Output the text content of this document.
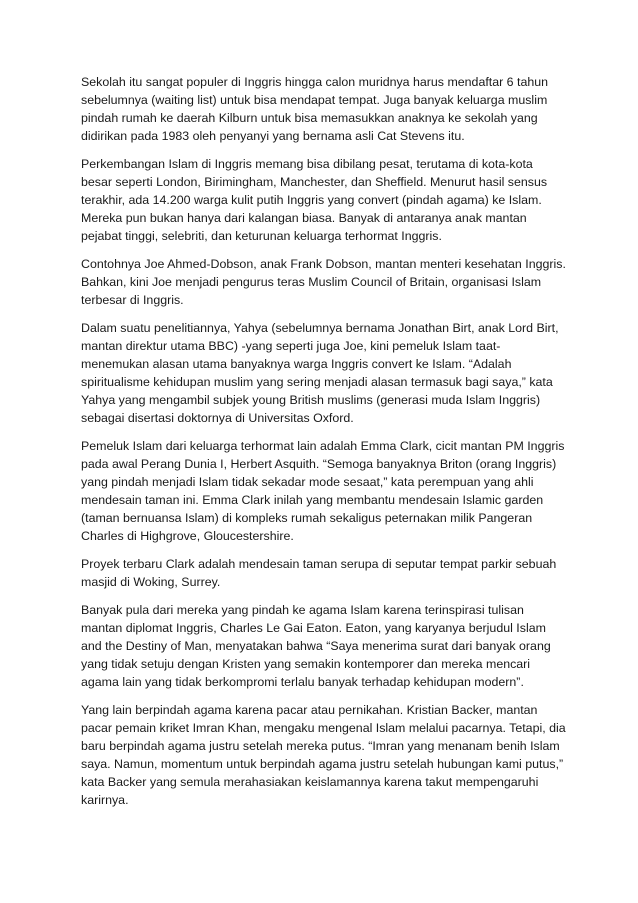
Sekolah itu sangat populer di Inggris hingga calon muridnya harus mendaftar 6 tahun sebelumnya (waiting list) untuk bisa mendapat tempat. Juga banyak keluarga muslim pindah rumah ke daerah Kilburn untuk bisa memasukkan anaknya ke sekolah yang didirikan pada 1983 oleh penyanyi yang bernama asli Cat Stevens itu.

Perkembangan Islam di Inggris memang bisa dibilang pesat, terutama di kota-kota besar seperti London, Birimingham, Manchester, dan Sheffield. Menurut hasil sensus terakhir, ada 14.200 warga kulit putih Inggris yang convert (pindah agama) ke Islam. Mereka pun bukan hanya dari kalangan biasa. Banyak di antaranya anak mantan pejabat tinggi, selebriti, dan keturunan keluarga terhormat Inggris.

Contohnya Joe Ahmed-Dobson, anak Frank Dobson, mantan menteri kesehatan Inggris. Bahkan, kini Joe menjadi pengurus teras Muslim Council of Britain, organisasi Islam terbesar di Inggris.

Dalam suatu penelitiannya, Yahya (sebelumnya bernama Jonathan Birt, anak Lord Birt, mantan direktur utama BBC) -yang seperti juga Joe, kini pemeluk Islam taat- menemukan alasan utama banyaknya warga Inggris convert ke Islam. “Adalah spiritualisme kehidupan muslim yang sering menjadi alasan termasuk bagi saya,” kata Yahya yang mengambil subjek young British muslims (generasi muda Islam Inggris) sebagai disertasi doktornya di Universitas Oxford.

Pemeluk Islam dari keluarga terhormat lain adalah Emma Clark, cicit mantan PM Inggris pada awal Perang Dunia I, Herbert Asquith. “Semoga banyaknya Briton (orang Inggris) yang pindah menjadi Islam tidak sekadar mode sesaat,” kata perempuan yang ahli mendesain taman ini. Emma Clark inilah yang membantu mendesain Islamic garden (taman bernuansa Islam) di kompleks rumah sekaligus peternakan milik Pangeran Charles di Highgrove, Gloucestershire.

Proyek terbaru Clark adalah mendesain taman serupa di seputar tempat parkir sebuah masjid di Woking, Surrey.

Banyak pula dari mereka yang pindah ke agama Islam karena terinspirasi tulisan mantan diplomat Inggris, Charles Le Gai Eaton. Eaton, yang karyanya berjudul Islam and the Destiny of Man, menyatakan bahwa “Saya menerima surat dari banyak orang yang tidak setuju dengan Kristen yang semakin kontemporer dan mereka mencari agama lain yang tidak berkompromi terlalu banyak terhadap kehidupan modern”.

Yang lain berpindah agama karena pacar atau pernikahan. Kristian Backer, mantan pacar pemain kriket Imran Khan, mengaku mengenal Islam melalui pacarnya. Tetapi, dia baru berpindah agama justru setelah mereka putus. “Imran yang menanam benih Islam saya. Namun, momentum untuk berpindah agama justru setelah hubungan kami putus,” kata Backer yang semula merahasiakan keislamannya karena takut mempengaruhi karirnya.
